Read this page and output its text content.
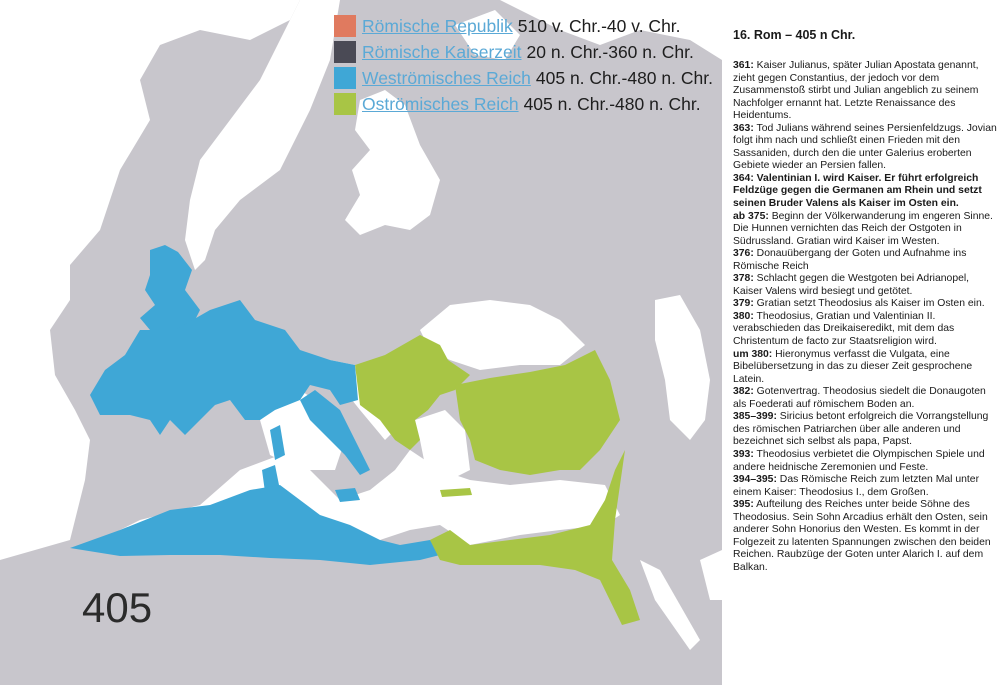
405
Römische Republik 510 v. Chr.-40 v. Chr.
Römische Kaiserzeit 20 n. Chr.-360 n. Chr.
Weströmisches Reich 405 n. Chr.-480 n. Chr.
Oströmisches Reich 405 n. Chr.-480 n. Chr.
16. Rom – 405 n Chr.

361: Kaiser Julianus, später Julian Apostata genannt, zieht gegen Constantius, der jedoch vor dem Zusammenstoß stirbt und Julian angeblich zu seinem Nachfolger ernannt hat. Letzte Renaissance des Heidentums.

363: Tod Julians während seines Persienfeldzugs. Jovian folgt ihm nach und schließt einen Frieden mit den Sassaniden, durch den die unter Galerius eroberten Gebiete wieder an Persien fallen.

364: Valentinian I. wird Kaiser. Er führt erfolgreich Feldzüge gegen die Germanen am Rhein und setzt seinen Bruder Valens als Kaiser im Osten ein.

ab 375: Beginn der Völkerwanderung im engeren Sinne. Die Hunnen vernichten das Reich der Ostgoten in Südrussland. Gratian wird Kaiser im Westen.

376: Donauübergang der Goten und Aufnahme ins Römische Reich

378: Schlacht gegen die Westgoten bei Adrianopel, Kaiser Valens wird besiegt und getötet.

379: Gratian setzt Theodosius als Kaiser im Osten ein.

380: Theodosius, Gratian und Valentinian II. verabschieden das Dreikaiseredikt, mit dem das Christentum de facto zur Staatsreligion wird.

um 380: Hieronymus verfasst die Vulgata, eine Bibelübersetzung in das zu dieser Zeit gesprochene Latein.

382: Gotenvertrag. Theodosius siedelt die Donaugoten als Foederati auf römischem Boden an.

385–399: Siricius betont erfolgreich die Vorrangstellung des römischen Patriarchen über alle anderen und bezeichnet sich selbst als papa, Papst.

393: Theodosius verbietet die Olympischen Spiele und andere heidnische Zeremonien und Feste.

394–395: Das Römische Reich zum letzten Mal unter einem Kaiser: Theodosius I., dem Großen.

395: Aufteilung des Reiches unter beide Söhne des Theodosius. Sein Sohn Arcadius erhält den Osten, sein anderer Sohn Honorius den Westen. Es kommt in der Folgezeit zu latenten Spannungen zwischen den beiden Reichen. Raubzüge der Goten unter Alarich I. auf dem Balkan.
